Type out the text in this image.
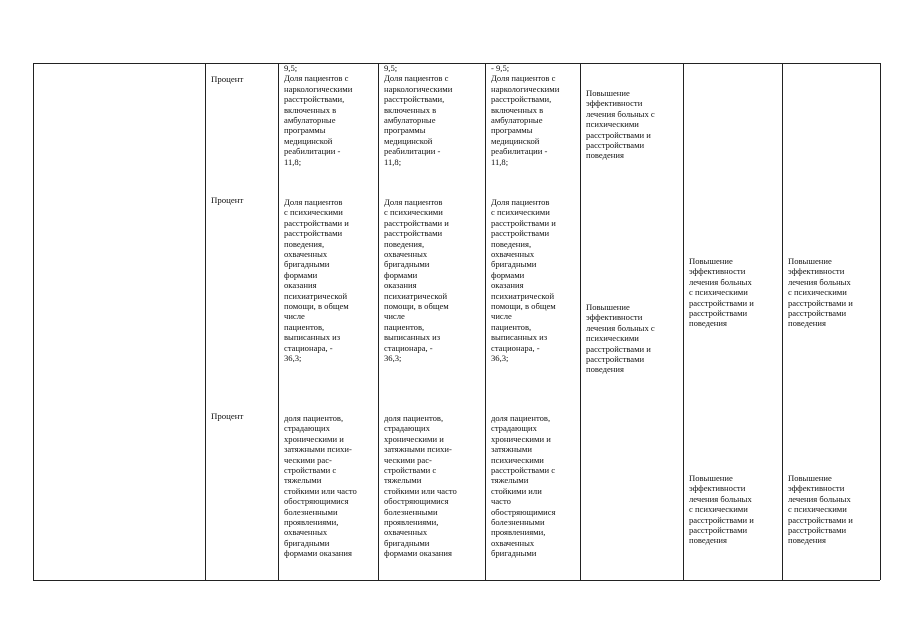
Процент
9,5;
Доля пациентов с
наркологическими
расстройствами,
включенных в
амбулаторные
программы
медицинской
реабилитации -
11,8;
9,5;
Доля пациентов с
наркологическими
расстройствами,
включенных в
амбулаторные
программы
медицинской
реабилитации -
11,8;
- 9,5;
Доля пациентов с
наркологическими
расстройствами,
включенных в
амбулаторные
программы
медицинской
реабилитации -
11,8;
Повышение
эффективности
лечения больных с
психическими
расстройствами и
расстройствами
поведения
Процент	Доля пациентов
с психическими
расстройствами и
расстройствами
поведения,
охваченных
бригадными
формами
оказания
психиатрической
помощи, в общем
числе
пациентов,
выписанных из
стационара, -
36,3;
Доля пациентов
с психическими
расстройствами и
расстройствами
поведения,
охваченных
бригадными
формами
оказания
психиатрической
помощи, в общем
числе
пациентов,
выписанных из
стационара, -
36,3;
Доля пациентов
с психическими
расстройствами и
расстройствами
поведения,
охваченных
бригадными
формами
оказания
психиатрической
помощи, в общем
числе
пациентов,
выписанных из
стационара, -
36,3;
Повышение
эффективности
лечения больных с
психическими
расстройствами и
расстройствами
поведения
Повышение
эффективности
лечения больных
с психическими
расстройствами и
расстройствами
поведения
Повышение
эффективности
лечения больных
с психическими
расстройствами и
расстройствами
поведения
Процент	доля пациентов,
страдающих
хроническими и
затяжными психи-
ческими рас-
стройствами с
тяжелыми
стойкими или часто
обостряющимися
болезненными
проявлениями,
охваченных
бригадными
формами оказания
доля пациентов,
страдающих
хроническими и
затяжными психи-
ческими рас-
стройствами с
тяжелыми
стойкими или часто
обостряющимися
болезненными
проявлениями,
охваченных
бригадными
формами оказания
доля пациентов,
страдающих
хроническими и
затяжными
психическими
расстройствами с
тяжелыми
стойкими или
часто
обостряющимися
болезненными
проявлениями,
охваченных
бригадными
Повышение
эффективности
лечения больных
с психическими
расстройствами и
расстройствами
поведения
Повышение
эффективности
лечения больных
с психическими
расстройствами и
расстройствами
поведения
